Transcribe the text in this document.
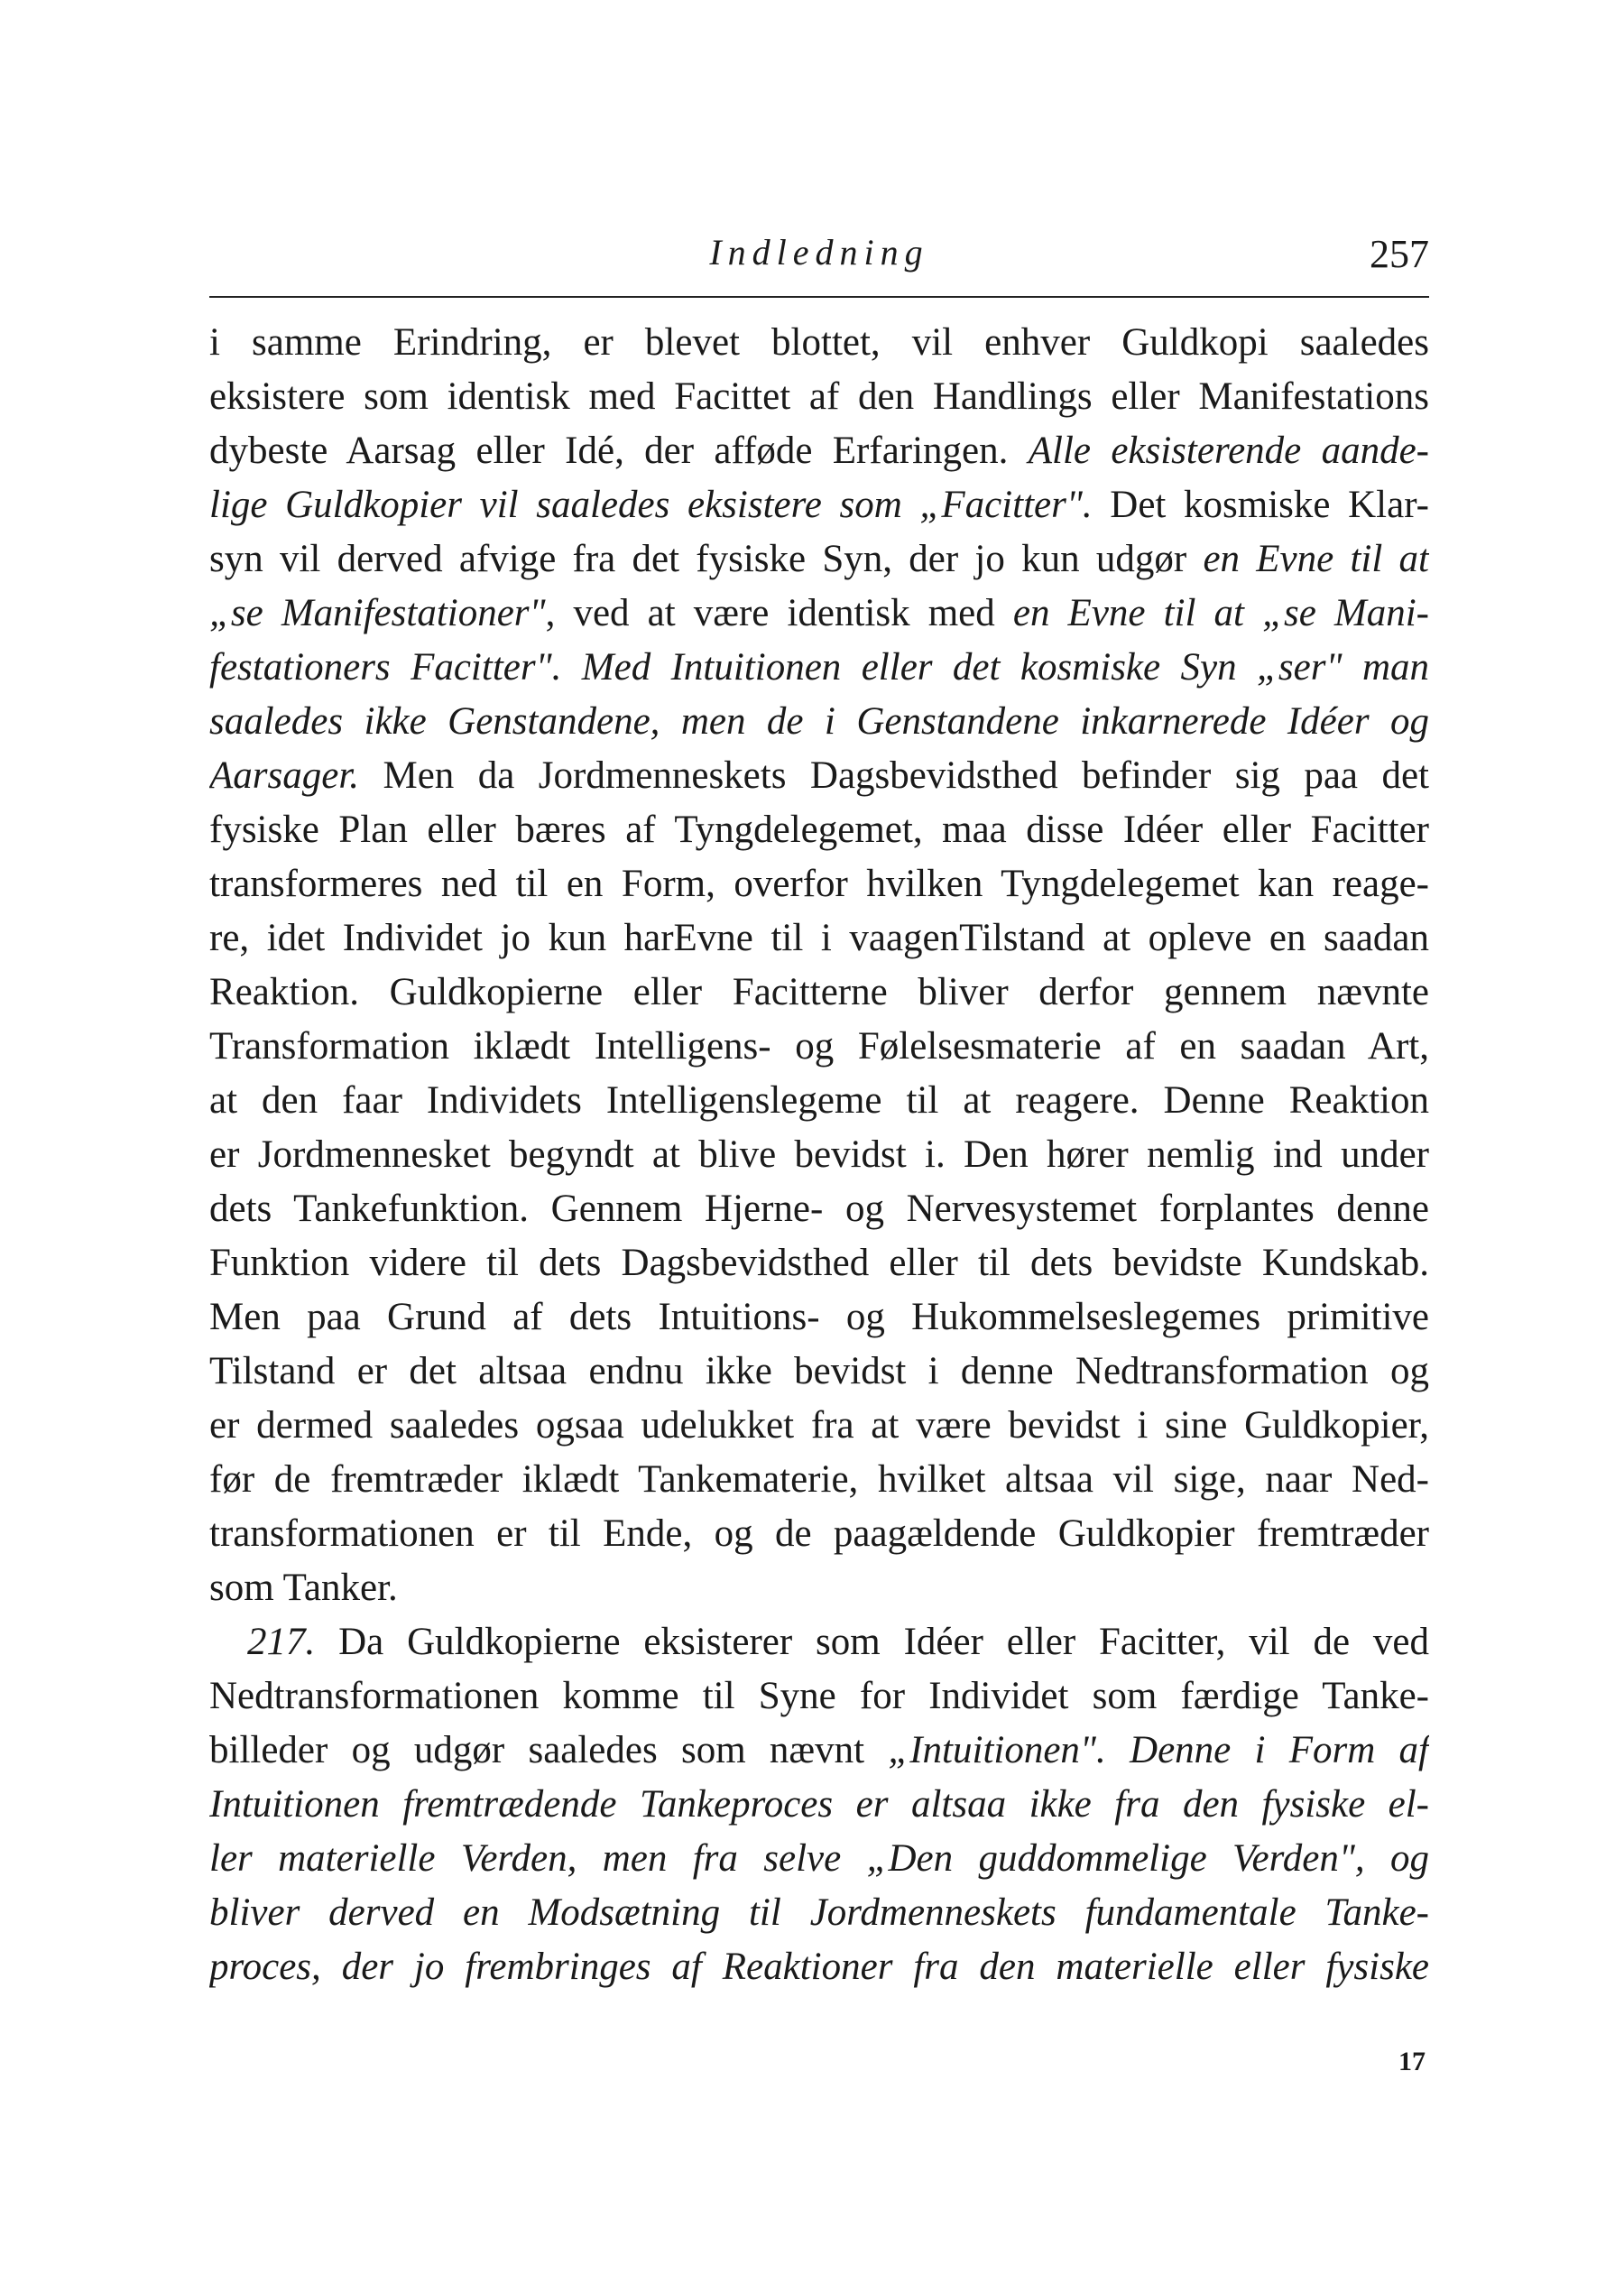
Indledning	257
i samme Erindring, er blevet blottet, vil enhver Guldkopi saaledes
eksistere som identisk med Facittet af den Handlings eller Manifestations
dybeste Aarsag eller Idé, der afføde Erfaringen. Alle eksisterende aande-
lige Guldkopier vil saaledes eksistere som „Facitter". Det kosmiske Klar-
syn vil derved afvige fra det fysiske Syn, der jo kun udgør en Evne til at
„se Manifestationer", ved at være identisk med en Evne til at „se Mani-
festationers Facitter". Med Intuitionen eller det kosmiske Syn „ser" man
saaledes ikke Genstandene, men de i Genstandene inkarnerede Idéer og
Aarsager. Men da Jordmenneskets Dagsbevidsthed befinder sig paa det
fysiske Plan eller bæres af Tyngdelegemet, maa disse Idéer eller Facitter
transformeres ned til en Form, overfor hvilken Tyngdelegemet kan reage-
re, idet Individet jo kun harEvne til i vaagenTilstand at opleve en saadan
Reaktion. Guldkopierne eller Facitterne bliver derfor gennem nævnte
Transformation iklædt Intelligens- og Følelsesmaterie af en saadan Art,
at den faar Individets Intelligenslegeme til at reagere. Denne Reaktion
er Jordmennesket begyndt at blive bevidst i. Den hører nemlig ind under
dets Tankefunktion. Gennem Hjerne- og Nervesystemet forplantes denne
Funktion videre til dets Dagsbevidsthed eller til dets bevidste Kundskab.
Men paa Grund af dets Intuitions- og Hukommelseslegemes primitive
Tilstand er det altsaa endnu ikke bevidst i denne Nedtransformation og
er dermed saaledes ogsaa udelukket fra at være bevidst i sine Guldkopier,
før de fremtræder iklædt Tankematerie, hvilket altsaa vil sige, naar Ned-
transformationen er til Ende, og de paagældende Guldkopier fremtræder
som Tanker.
217. Da Guldkopierne eksisterer som Idéer eller Facitter, vil de ved
Nedtransformationen komme til Syne for Individet som færdige Tanke-
billeder og udgør saaledes som nævnt „Intuitionen". Denne i Form af
Intuitionen fremtrædende Tankeproces er altsaa ikke fra den fysiske el-
ler materielle Verden, men fra selve „Den guddommelige Verden", og
bliver derved en Modsætning til Jordmenneskets fundamentale Tanke-
proces, der jo frembringes af Reaktioner fra den materielle eller fysiske
17
